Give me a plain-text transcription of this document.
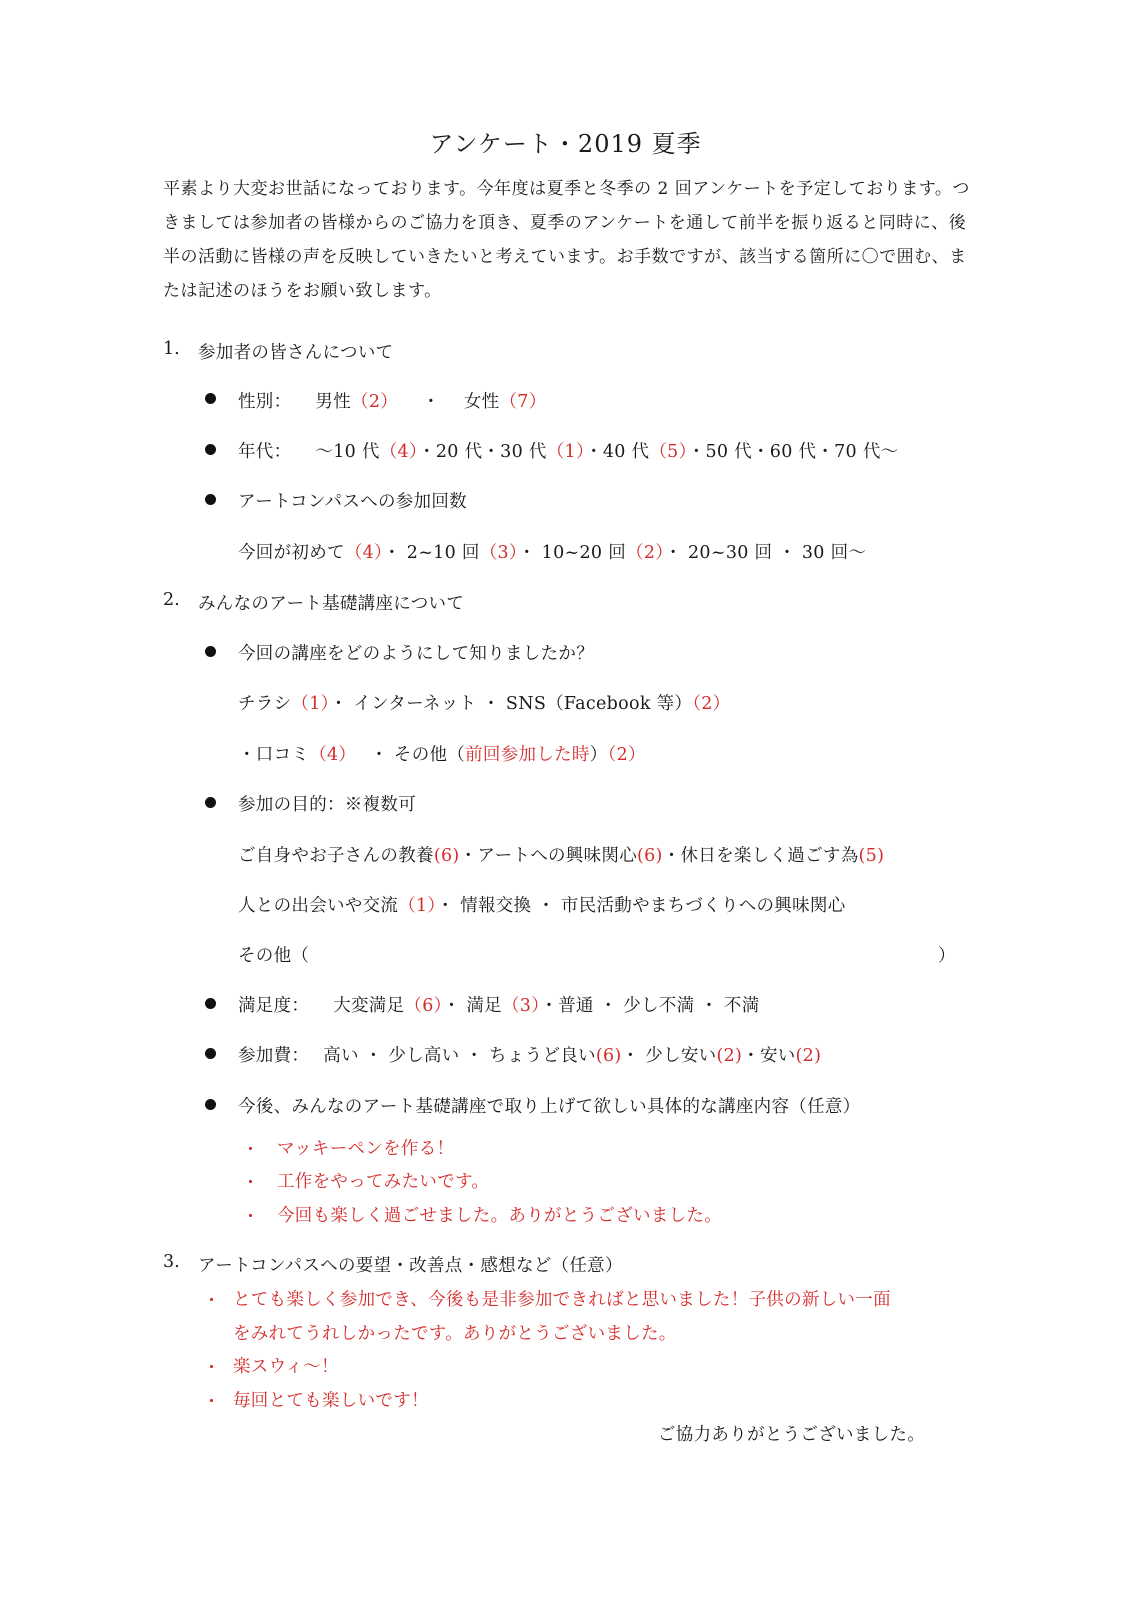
アンケート・2019 夏季
平素より大変お世話になっております。今年度は夏季と冬季の 2 回アンケートを予定しております。つきましては参加者の皆様からのご協力を頂き、夏季のアンケートを通して前半を振り返ると同時に、後半の活動に皆様の声を反映していきたいと考えています。お手数ですが、該当する箇所に〇で囲む、または記述のほうをお願い致します。
1. 参加者の皆さんについて
性別： 男性（2） ・ 女性（7）
年代： ～10 代（4）・20 代・30 代（1）・40 代（5）・50 代・60 代・70 代～
アートコンパスへの参加回数
今回が初めて（4）・ 2~10 回（3）・ 10~20 回（2）・ 20~30 回 ・ 30 回～
2. みんなのアート基礎講座について
今回の講座をどのようにして知りましたか？
チラシ（1）・ インターネット ・ SNS（Facebook 等）（2）
・口コミ（4） ・ その他（前回参加した時）（2）
参加の目的：※複数可
ご自身やお子さんの教養(6)・アートへの興味関心(6)・休日を楽しく過ごす為(5)
人との出会いや交流（1）・ 情報交換 ・ 市民活動やまちづくりへの興味関心
その他（	）
満足度： 大変満足（6）・ 満足（3）・普通 ・ 少し不満 ・ 不満
参加費： 高い ・ 少し高い ・ ちょうど良い(6)・ 少し安い(2)・安い(2)
今後、みんなのアート基礎講座で取り上げて欲しい具体的な講座内容（任意）
・ マッキーペンを作る！
・ 工作をやってみたいです。
・ 今回も楽しく過ごせました。ありがとうございました。
3. アートコンパスへの要望・改善点・感想など（任意）
・ とても楽しく参加でき、今後も是非参加できればと思いました！子供の新しい一面
をみれてうれしかったです。ありがとうございました。
・ 楽スウィ～！
・ 毎回とても楽しいです！
ご協力ありがとうございました。
